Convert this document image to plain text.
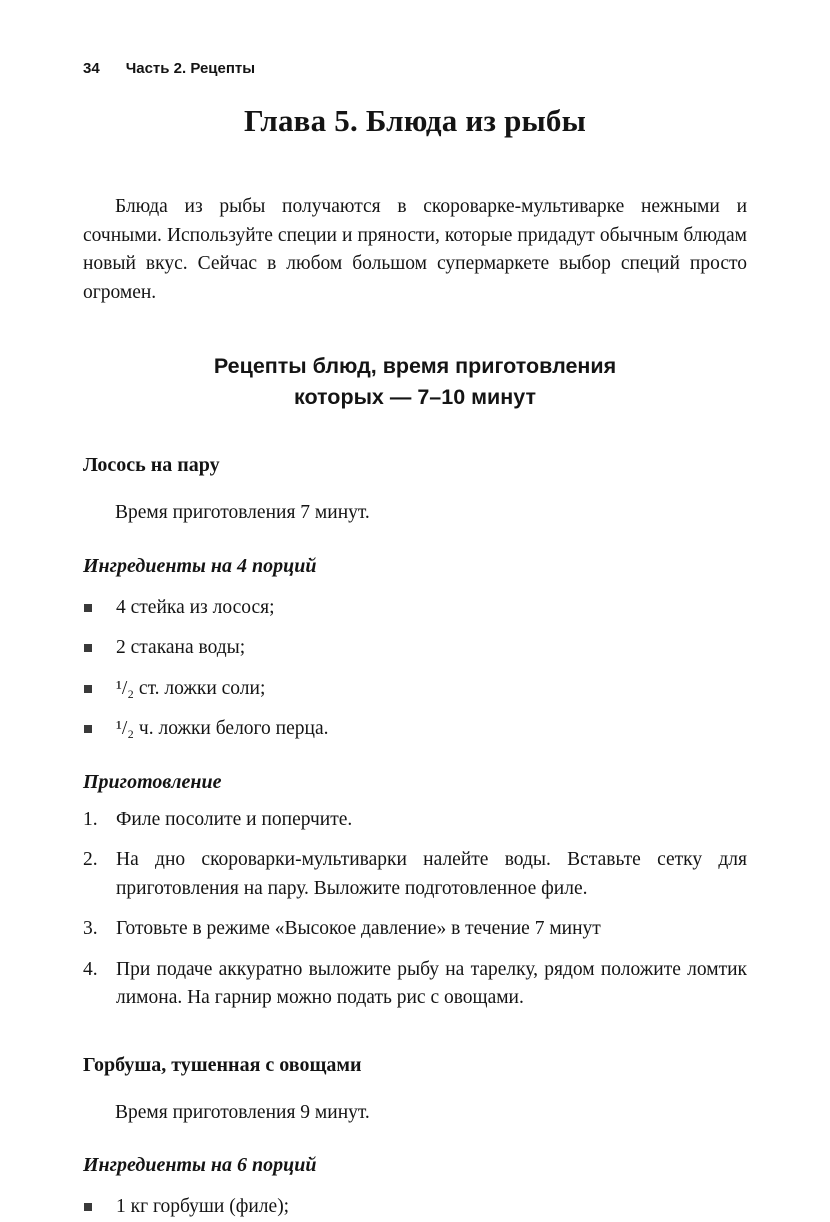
34 Часть 2. Рецепты
Глава 5. Блюда из рыбы

Блюда из рыбы получаются в скороварке-мультиварке нежными и сочными. Используйте специи и пряности, которые придадут обычным блюдам новый вкус. Сейчас в любом большом супермаркете выбор специй просто огромен.

Рецепты блюд, время приготовления
которых — 7–10 минут
Лосось на пару

Время приготовления 7 минут.

Ингредиенты на 4 порций
4 стейка из лосося;
2 стакана воды;
¹/₂ ст. ложки соли;
¹/₂ ч. ложки белого перца.
Приготовление
1. Филе посолите и поперчите.
2. На дно скороварки-мультиварки налейте воды. Вставьте сетку для приготовления на пару. Выложите подготовленное филе.
3. Готовьте в режиме «Высокое давление» в течение 7 минут
4. При подаче аккуратно выложите рыбу на тарелку, рядом положите ломтик лимона. На гарнир можно подать рис с овощами.
Горбуша, тушенная с овощами

Время приготовления 9 минут.

Ингредиенты на 6 порций
1 кг горбуши (филе);
